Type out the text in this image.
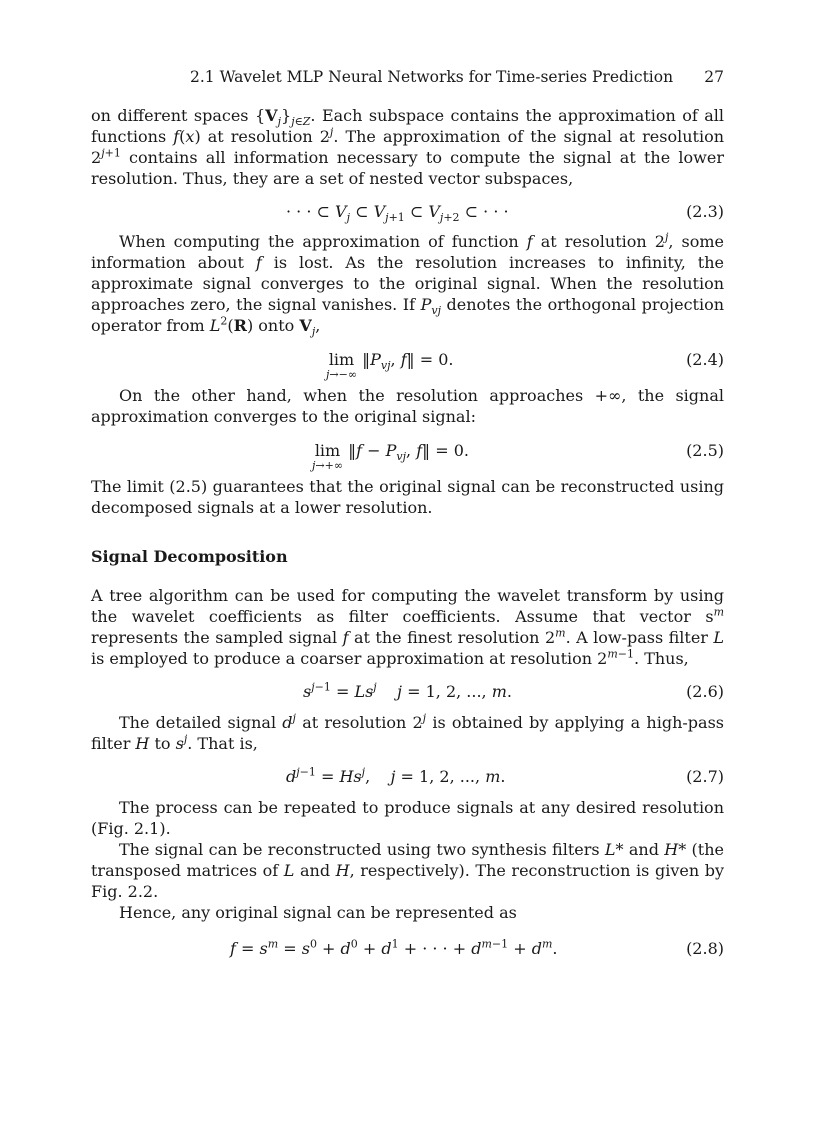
2.1 Wavelet MLP Neural Networks for Time-series Prediction 27

on different spaces $\{V_j\}_{j\in Z}$. Each subspace contains the approximation of all functions f(x) at resolution 2$^j$. The approximation of the signal at resolution $2^{j+1}$ contains all information necessary to compute the signal at the lower resolution. Thus, they are a set of nested vector subspaces,

· · · ⊂ $V_j$ ⊂ $V_{j+1}$ ⊂ $V_{j+2}$ ⊂ · · ·	(2.3)

When computing the approximation of function f at resolution 2$^j$, some information about f is lost. As the resolution increases to infinity, the approximate signal converges to the original signal. When the resolution approaches zero, the signal vanishes. If $P_{vj}$ denotes the orthogonal projection operator from $L^2(R)$ onto $V_j$,

lim
j→−∞
$‖P_{vj}$, f‖ = 0.	(2.4)

On the other hand, when the resolution approaches +∞, the signal approximation converges to the original signal:

lim
j→+∞
‖f − $P_{vj}$, f‖ = 0.	(2.5)

The limit (2.5) guarantees that the original signal can be reconstructed using decomposed signals at a lower resolution.

Signal Decomposition

A tree algorithm can be used for computing the wavelet transform by using the wavelet coefficients as filter coefficients. Assume that vector $s^m$ represents the sampled signal f at the finest resolution 2$^m$. A low-pass filter L is employed to produce a coarser approximation at resolution $2^{m-1}$. Thus,

$s^{j-1} = Ls^j$ j = 1, 2, ..., m.	(2.6)

The detailed signal $d^j$ at resolution 2$^j$ is obtained by applying a high-pass filter H to $s^j$. That is,

$d^{j-1} = Hs^j$,    j = 1, 2, ..., m.	(2.7)

The process can be repeated to produce signals at any desired resolution (Fig. 2.1).

The signal can be reconstructed using two synthesis filters L* and H* (the transposed matrices of L and H, respectively). The reconstruction is given by Fig. 2.2.

Hence, any original signal can be represented as

$f = s^m = s^0 + d^0 + d^1$ + · · · + $d^{m-1} + d^m$.	(2.8)
